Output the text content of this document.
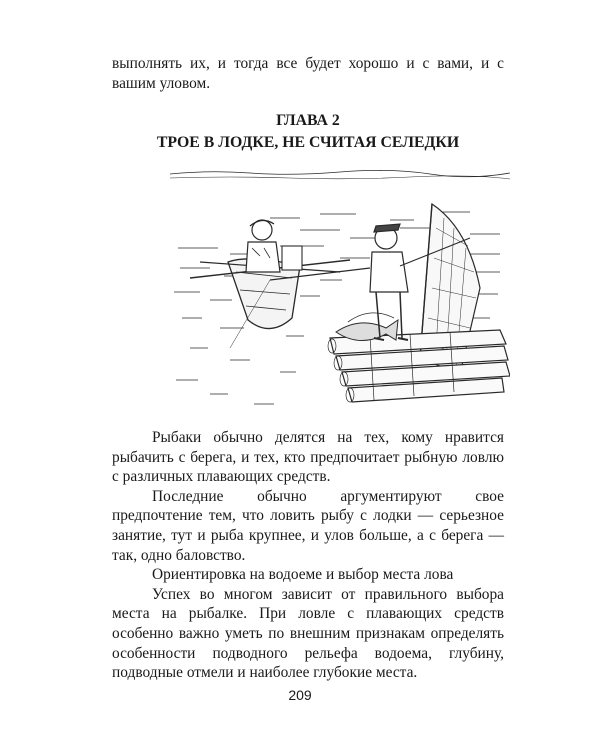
выполнять их, и тогда все будет хорошо и с вами, и с

вашим уловом.

ГЛАВА 2
ТРОЕ В ЛОДКЕ, НЕ СЧИТАЯ СЕЛЕДКИ

Рыбаки обычно делятся на тех, кому нравится

рыбачить с берега, и тех, кто предпочитает рыбную ловлю

с различных плавающих средств.

Последние обычно аргументируют свое

предпочтение тем, что ловить рыбу с лодки — серьезное

занятие, тут и рыба крупнее, и улов больше, а с берега —

так, одно баловство.

Ориентировка на водоеме и выбор места лова

Успех во многом зависит от правильного выбора

места на рыбалке. При ловле с плавающих средств

особенно важно уметь по внешним признакам определять

особенности подводного рельефа водоема, глубину,

подводные отмели и наиболее глубокие места.

209
